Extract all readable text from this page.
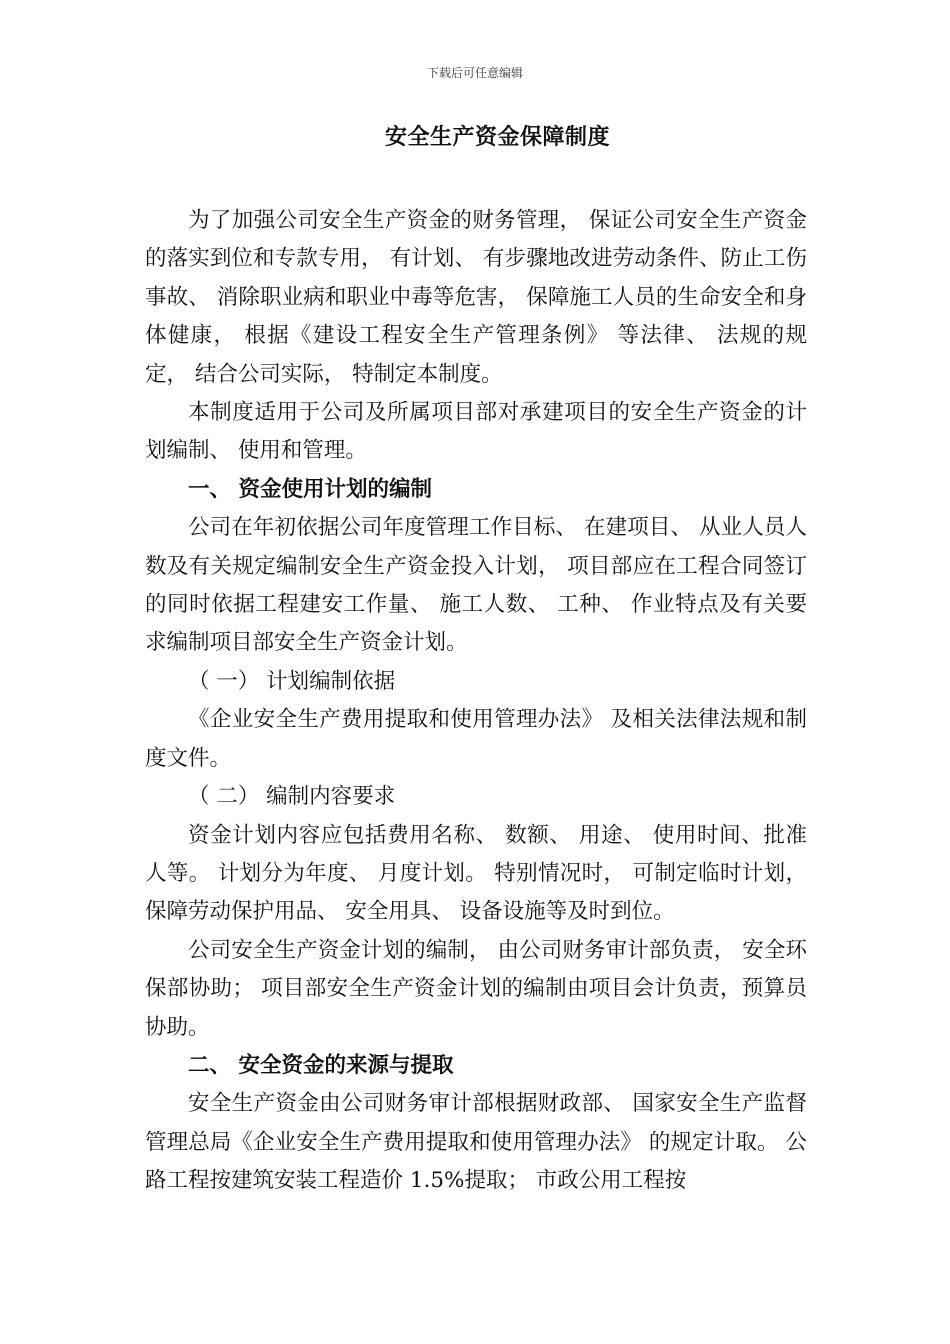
下载后可任意编辑
安全生产资金保障制度

为了加强公司安全生产资金的财务管理， 保证公司安全生产资金的落实到位和专款专用， 有计划、 有步骤地改进劳动条件、防止工伤事故、 消除职业病和职业中毒等危害， 保障施工人员的生命安全和身体健康， 根据《建设工程安全生产管理条例》 等法律、 法规的规定， 结合公司实际， 特制定本制度。

本制度适用于公司及所属项目部对承建项目的安全生产资金的计划编制、 使用和管理。

一、 资金使用计划的编制

公司在年初依据公司年度管理工作目标、 在建项目、 从业人员人数及有关规定编制安全生产资金投入计划， 项目部应在工程合同签订的同时依据工程建安工作量、 施工人数、 工种、 作业特点及有关要求编制项目部安全生产资金计划。

（ 一） 计划编制依据

《企业安全生产费用提取和使用管理办法》 及相关法律法规和制度文件。

（ 二） 编制内容要求

资金计划内容应包括费用名称、 数额、 用途、 使用时间、批准人等。 计划分为年度、 月度计划。 特别情况时， 可制定临时计划， 保障劳动保护用品、 安全用具、 设备设施等及时到位。

公司安全生产资金计划的编制， 由公司财务审计部负责， 安全环保部协助； 项目部安全生产资金计划的编制由项目会计负责，预算员协助。

二、 安全资金的来源与提取

安全生产资金由公司财务审计部根据财政部、 国家安全生产监督管理总局《企业安全生产费用提取和使用管理办法》 的规定计取。 公路工程按建筑安装工程造价 1.5%提取； 市政公用工程按
